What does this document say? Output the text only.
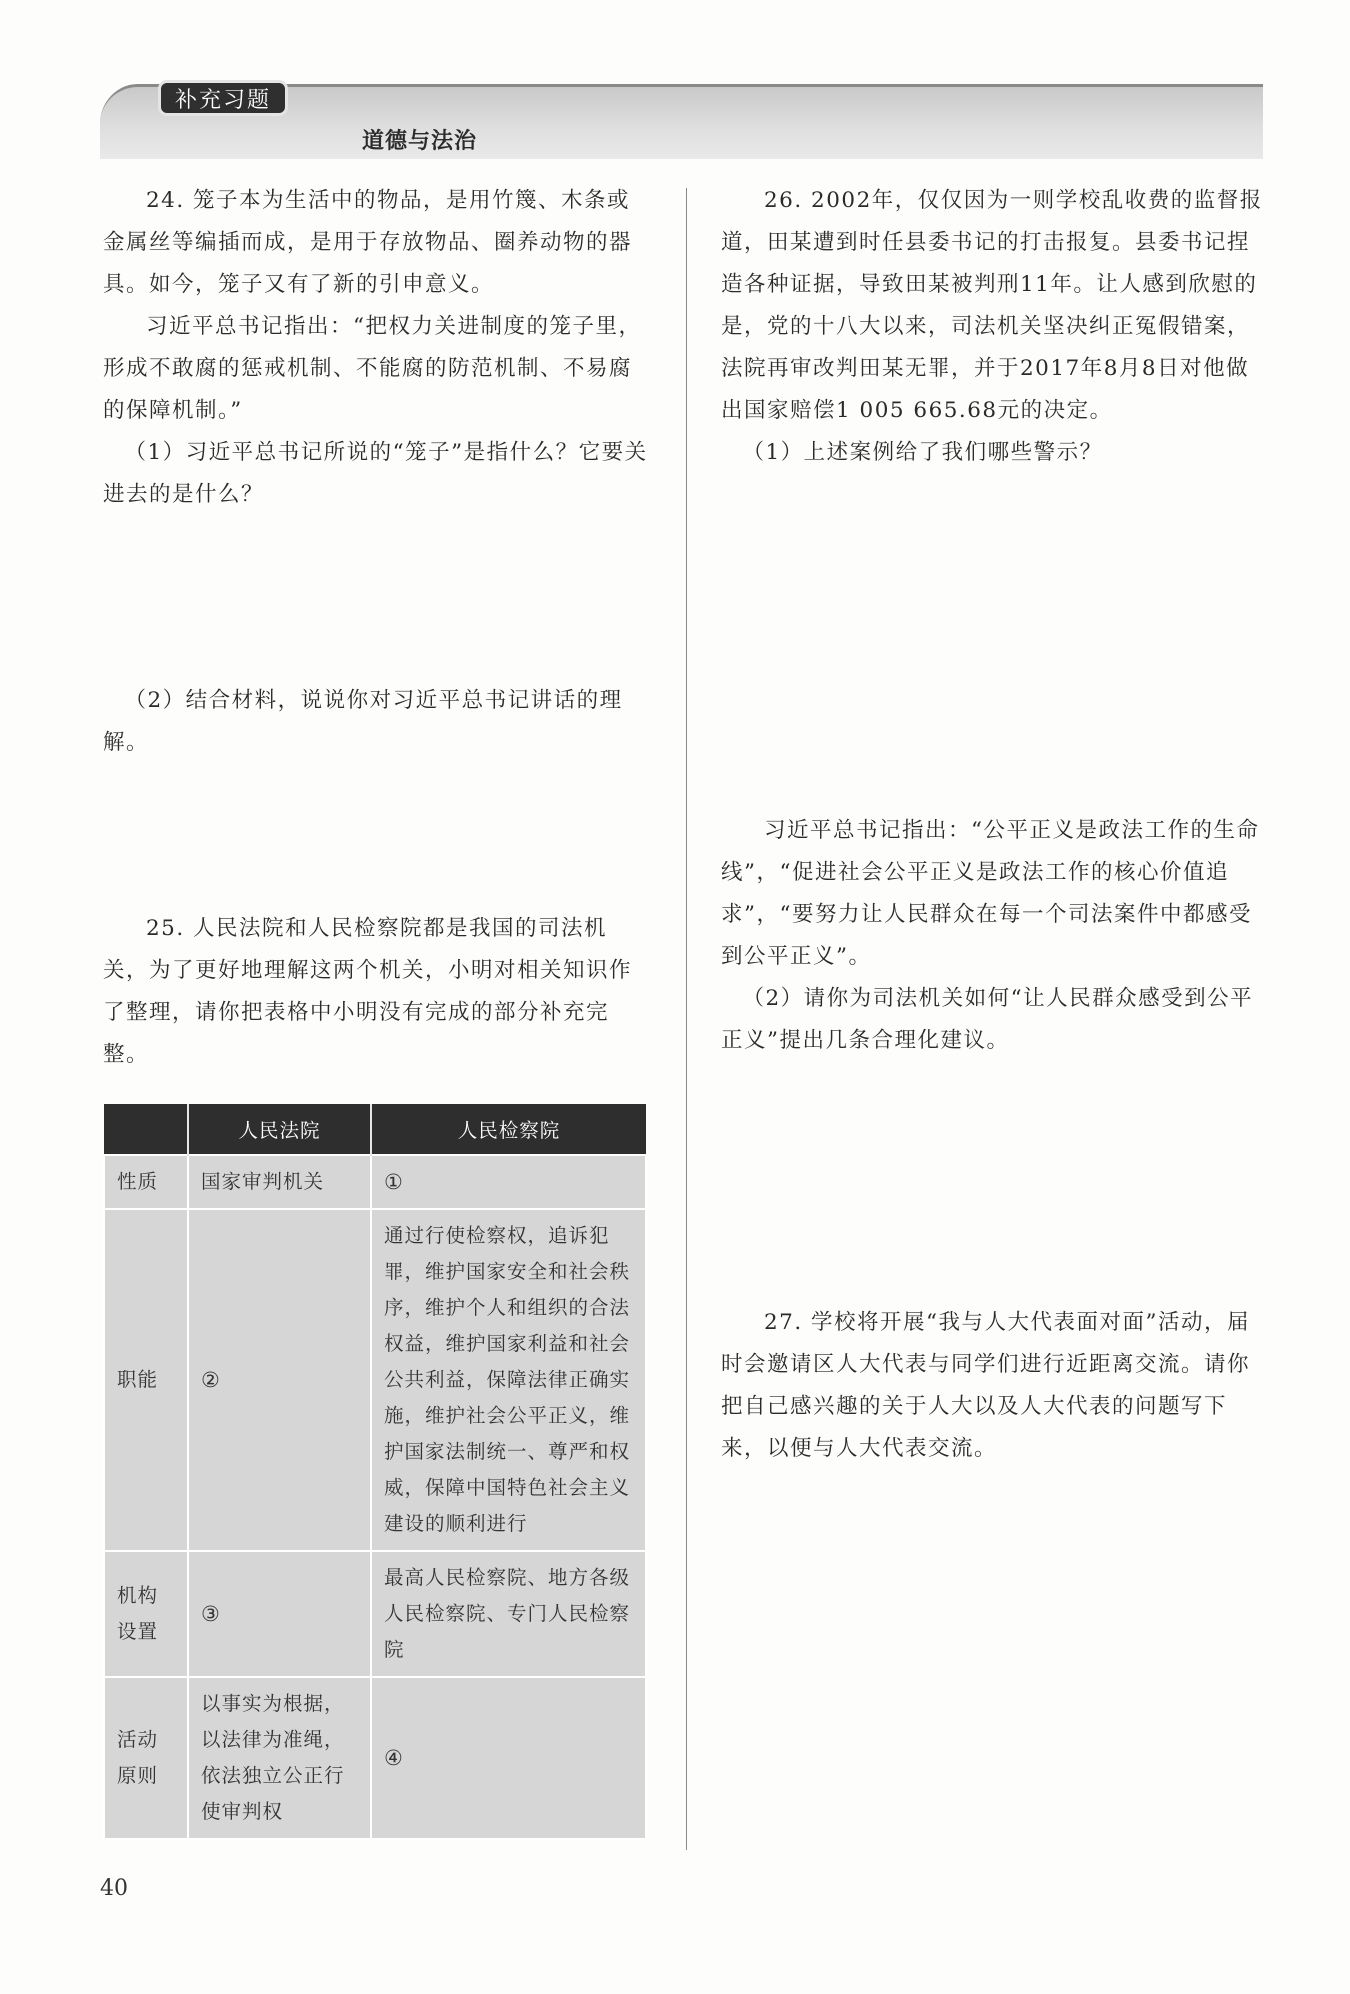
补充习题
道德与法治

24. 笼子本为生活中的物品，是用竹篾、木条或金属丝等编插而成，是用于存放物品、圈养动物的器具。如今，笼子又有了新的引申意义。

习近平总书记指出：“把权力关进制度的笼子里，形成不敢腐的惩戒机制、不能腐的防范机制、不易腐的保障机制。”

（1）习近平总书记所说的“笼子”是指什么？它要关进去的是什么？

（2）结合材料，说说你对习近平总书记讲话的理解。

25. 人民法院和人民检察院都是我国的司法机关，为了更好地理解这两个机关，小明对相关知识作了整理，请你把表格中小明没有完成的部分补充完整。

	人民法院	人民检察院
性质	国家审判机关	①
职能	②	通过行使检察权，追诉犯罪，维护国家安全和社会秩序，维护个人和组织的合法权益，维护国家利益和社会公共利益，保障法律正确实施，维护社会公平正义，维护国家法制统一、尊严和权威，保障中国特色社会主义建设的顺利进行
机构设置	③	最高人民检察院、地方各级人民检察院、专门人民检察院
活动原则	以事实为根据，以法律为准绳，依法独立公正行使审判权	④

26. 2002年，仅仅因为一则学校乱收费的监督报道，田某遭到时任县委书记的打击报复。县委书记捏造各种证据，导致田某被判刑11年。让人感到欣慰的是，党的十八大以来，司法机关坚决纠正冤假错案，法院再审改判田某无罪，并于2017年8月8日对他做出国家赔偿1 005 665.68元的决定。

（1）上述案例给了我们哪些警示？

习近平总书记指出：“公平正义是政法工作的生命线”，“促进社会公平正义是政法工作的核心价值追求”，“要努力让人民群众在每一个司法案件中都感受到公平正义”。

（2）请你为司法机关如何“让人民群众感受到公平正义”提出几条合理化建议。

27. 学校将开展“我与人大代表面对面”活动，届时会邀请区人大代表与同学们进行近距离交流。请你把自己感兴趣的关于人大以及人大代表的问题写下来，以便与人大代表交流。

40
